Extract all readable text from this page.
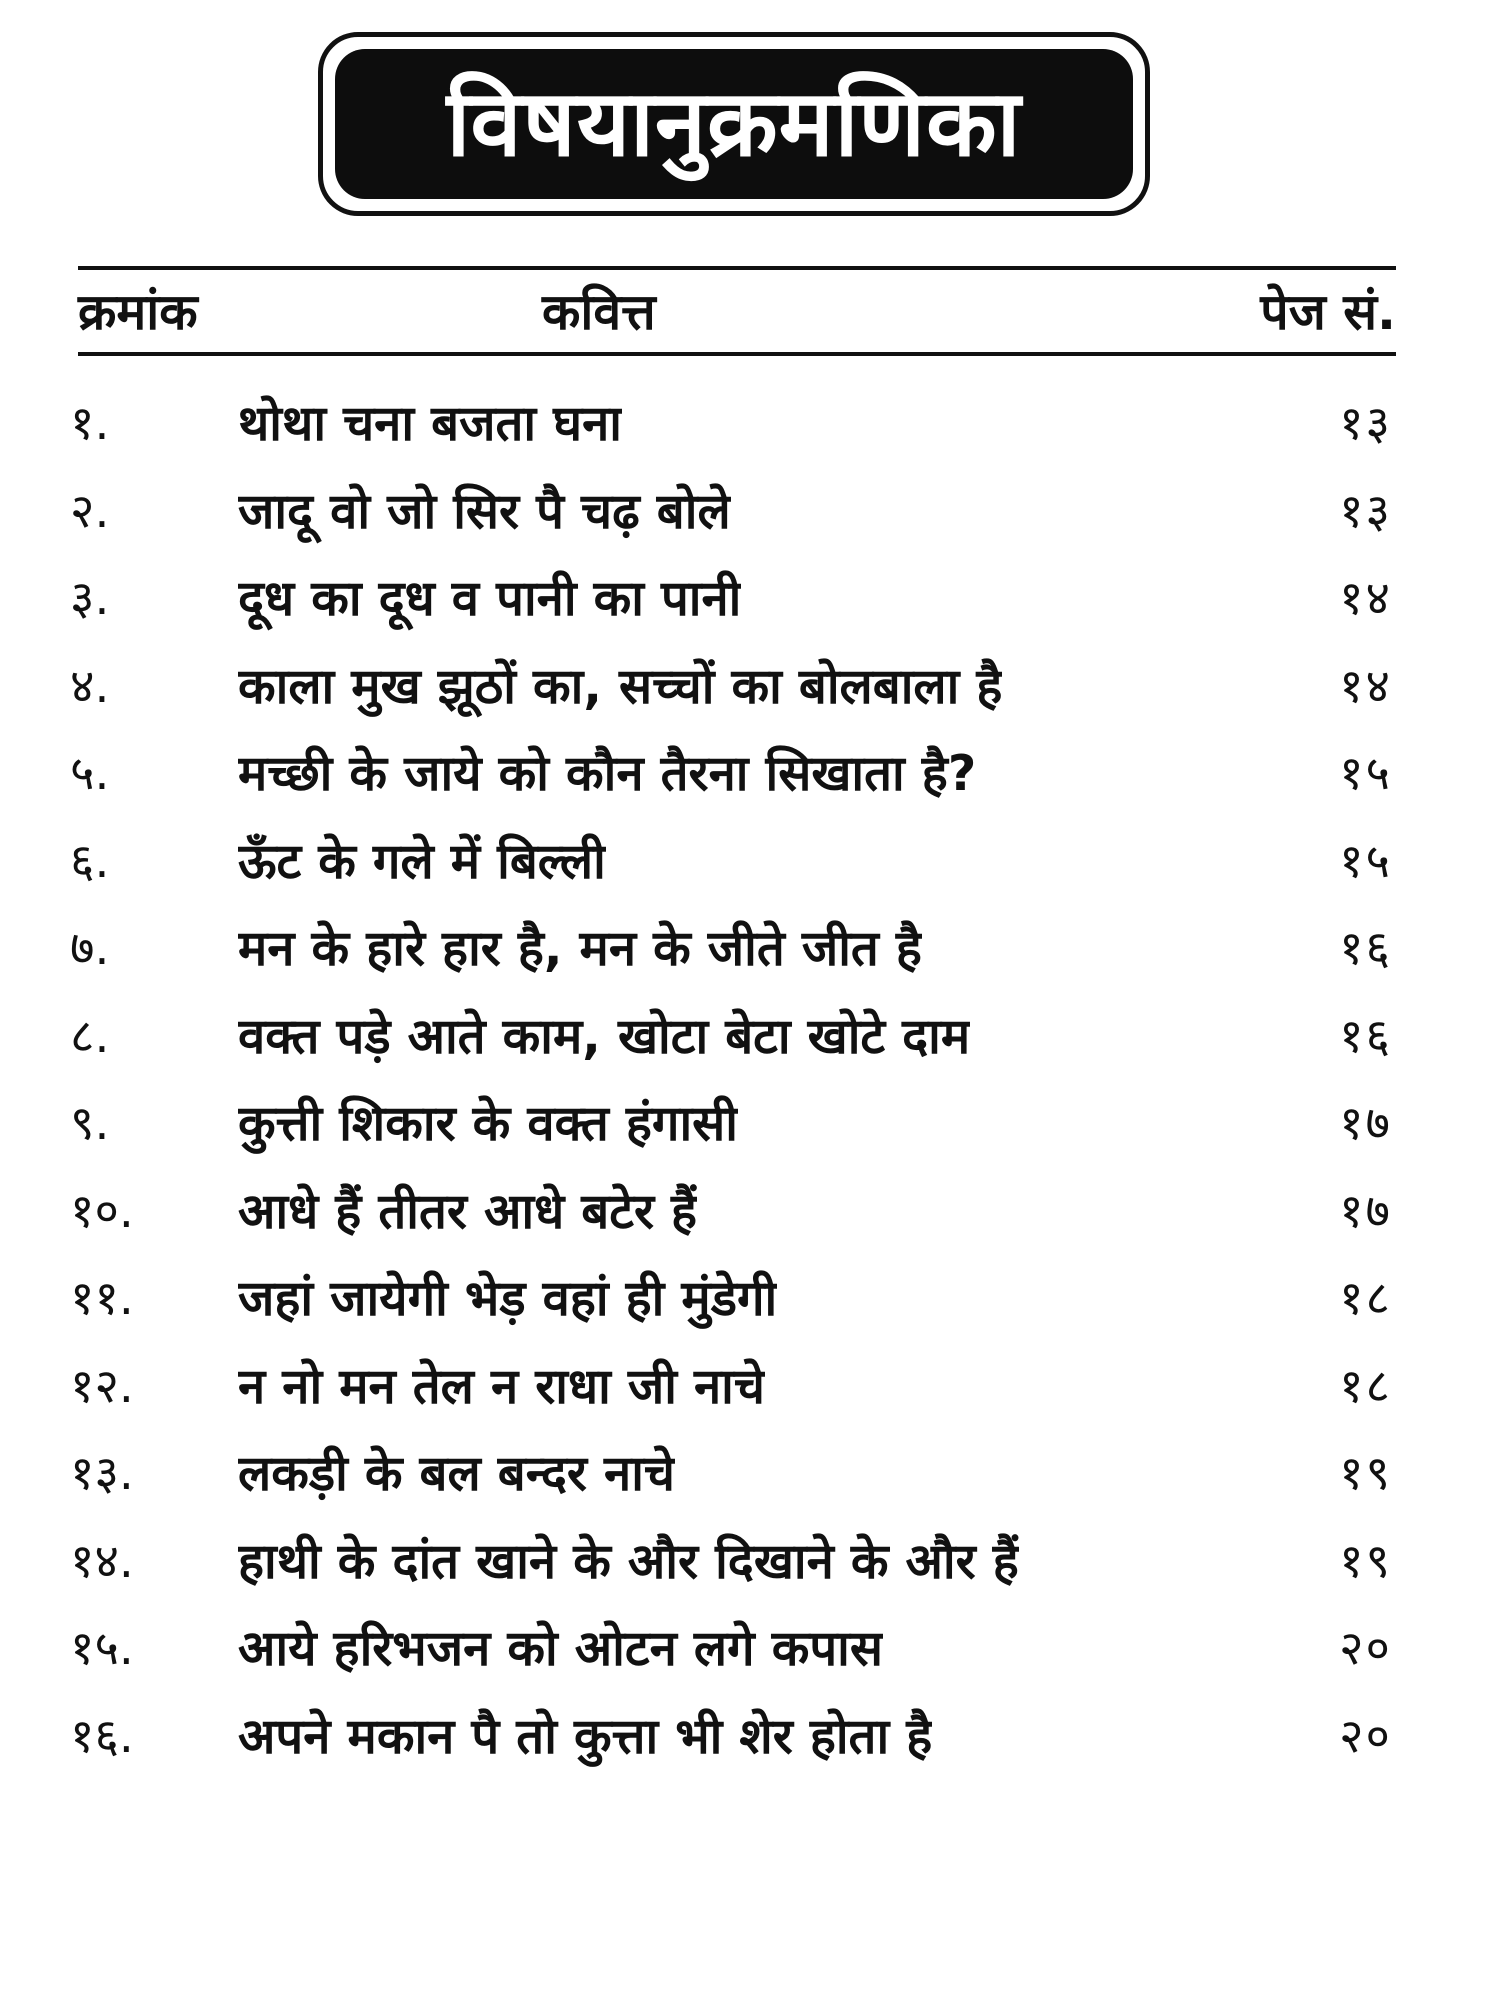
विषयानुक्रमणिका
क्रमांक	कवित्त	पेज सं.
१.	थोथा चना बजता घना	१३
२.	जादू वो जो सिर पै चढ़ बोले	१३
३.	दूध का दूध व पानी का पानी	१४
४.	काला मुख झूठों का, सच्चों का बोलबाला है	१४
५.	मच्छी के जाये को कौन तैरना सिखाता है?	१५
६.	ऊँट के गले में बिल्ली	१५
७.	मन के हारे हार है, मन के जीते जीत है	१६
८.	वक्त पड़े आते काम, खोटा बेटा खोटे दाम	१६
९.	कुत्ती शिकार के वक्त हंगासी	१७
१०. आधे हैं तीतर आधे बटेर हैं	१७
११. जहां जायेगी भेड़ वहां ही मुंडेगी	१८
१२. न नो मन तेल न राधा जी नाचे	१८
१३. लकड़ी के बल बन्दर नाचे	१९
१४. हाथी के दांत खाने के और दिखाने के और हैं	१९
१५. आये हरिभजन को ओटन लगे कपास	२०
१६. अपने मकान पै तो कुत्ता भी शेर होता है	२०
